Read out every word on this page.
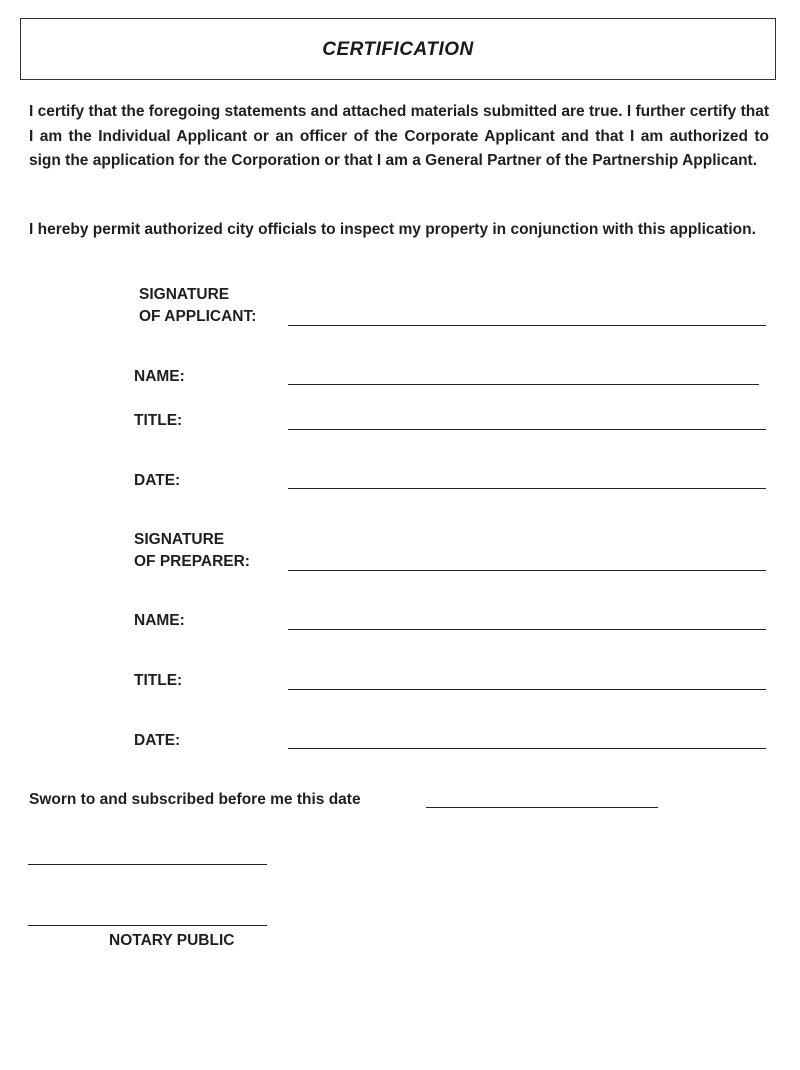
CERTIFICATION
I certify that the foregoing statements and attached materials submitted are true. I further certify that I am the Individual Applicant or an officer of the Corporate Applicant and that I am authorized to sign the application for the Corporation or that I am a General Partner of the Partnership Applicant.
I hereby permit authorized city officials to inspect my property in conjunction with this application.
SIGNATURE
OF APPLICANT:
NAME:
TITLE:
DATE:
SIGNATURE
OF PREPARER:
NAME:
TITLE:
DATE:
Sworn to and subscribed before me this date
NOTARY PUBLIC
